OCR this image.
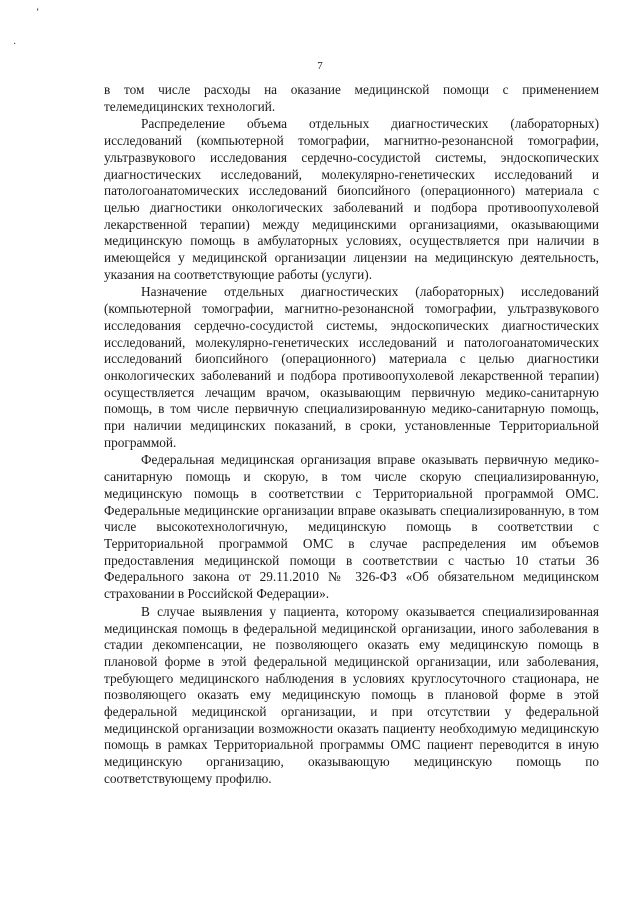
‘
·
7

в том числе расходы на оказание медицинской помощи с применением телемедицинских технологий.

Распределение объема отдельных диагностических (лабораторных) исследований (компьютерной томографии, магнитно-резонансной томографии, ультразвукового исследования сердечно-сосудистой системы, эндоскопических диагностических исследований, молекулярно-генетических исследований и патологоанатомических исследований биопсийного (операционного) материала с целью диагностики онкологических заболеваний и подбора противоопухолевой лекарственной терапии) между медицинскими организациями, оказывающими медицинскую помощь в амбулаторных условиях, осуществляется при наличии в имеющейся у медицинской организации лицензии на медицинскую деятельность, указания на соответствующие работы (услуги).

Назначение отдельных диагностических (лабораторных) исследований (компьютерной томографии, магнитно-резонансной томографии, ультразвукового исследования сердечно-сосудистой системы, эндоскопических диагностических исследований, молекулярно-генетических исследований и патологоанатомических исследований биопсийного (операционного) материала с целью диагностики онкологических заболеваний и подбора противоопухолевой лекарственной терапии) осуществляется лечащим врачом, оказывающим первичную медико-санитарную помощь, в том числе первичную специализированную медико-санитарную помощь, при наличии медицинских показаний, в сроки, установленные Территориальной программой.

Федеральная медицинская организация вправе оказывать первичную медико-санитарную помощь и скорую, в том числе скорую специализированную, медицинскую помощь в соответствии с Территориальной программой ОМС. Федеральные медицинские организации вправе оказывать специализированную, в том числе высокотехнологичную, медицинскую помощь в соответствии с Территориальной программой ОМС в случае распределения им объемов предоставления медицинской помощи в соответствии с частью 10 статьи 36 Федерального закона от 29.11.2010 № 326-ФЗ «Об обязательном медицинском страховании в Российской Федерации».

В случае выявления у пациента, которому оказывается специализированная медицинская помощь в федеральной медицинской организации, иного заболевания в стадии декомпенсации, не позволяющего оказать ему медицинскую помощь в плановой форме в этой федеральной медицинской организации, или заболевания, требующего медицинского наблюдения в условиях круглосуточного стационара, не позволяющего оказать ему медицинскую помощь в плановой форме в этой федеральной медицинской организации, и при отсутствии у федеральной медицинской организации возможности оказать пациенту необходимую медицинскую помощь в рамках Территориальной программы ОМС пациент переводится в иную медицинскую организацию, оказывающую медицинскую помощь по соответствующему профилю.
